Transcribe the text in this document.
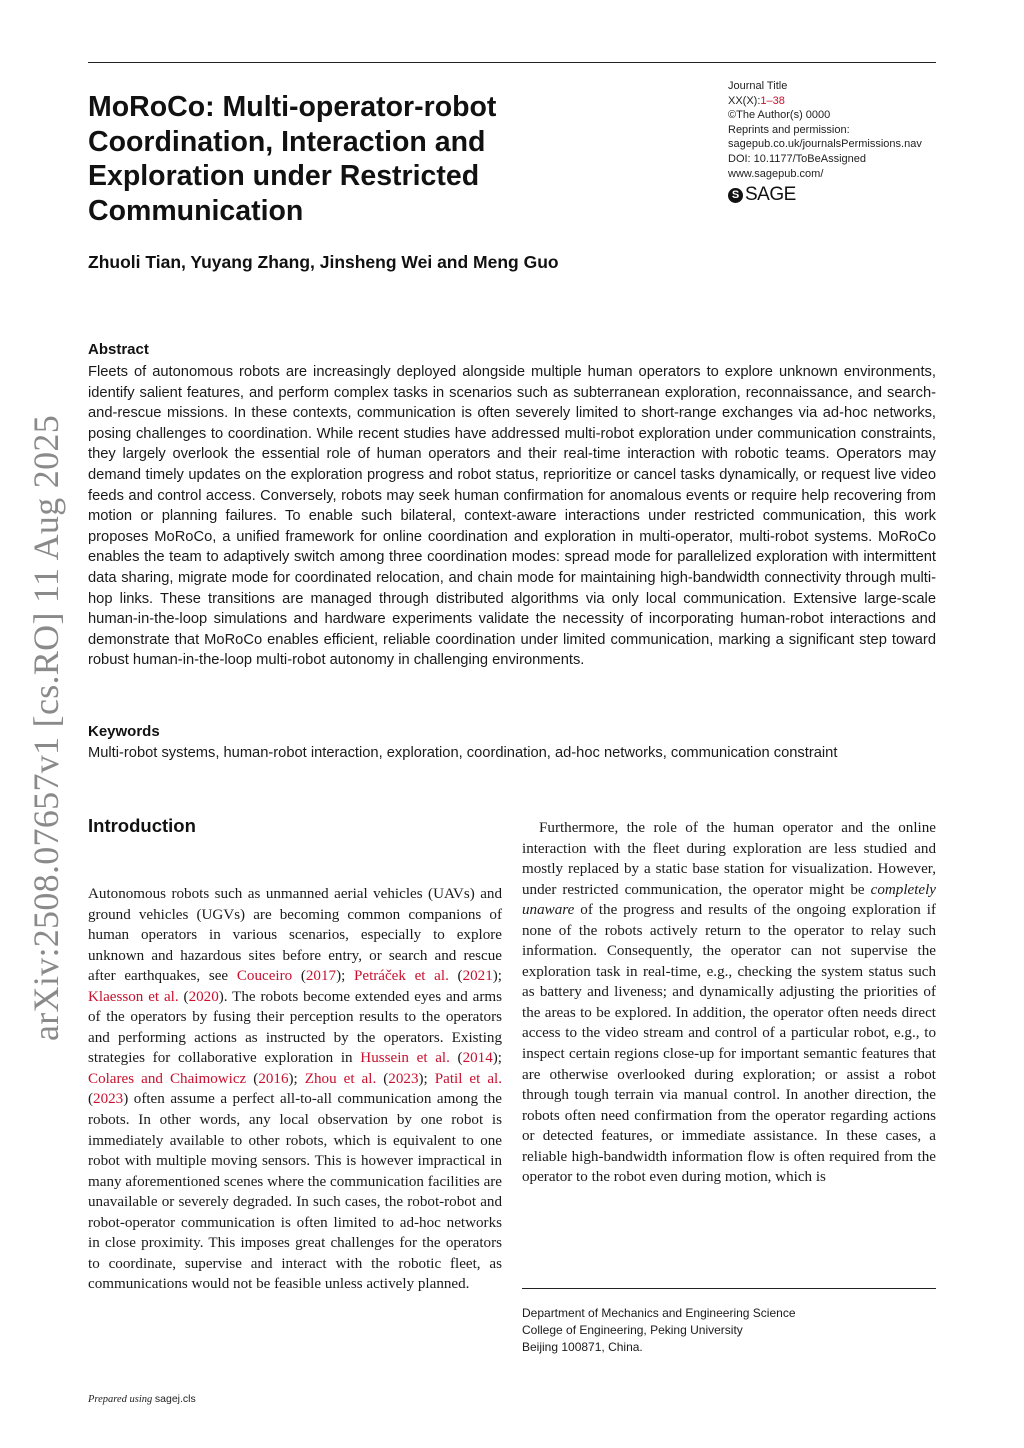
MoRoCo: Multi-operator-robot
Coordination, Interaction and
Exploration under Restricted
Communication
Journal Title
XX(X):1–38
©The Author(s) 0000
Reprints and permission:
sagepub.co.uk/journalsPermissions.nav
DOI: 10.1177/ToBeAssigned
www.sagepub.com/
S SAGE
Zhuoli Tian, Yuyang Zhang, Jinsheng Wei and Meng Guo
arXiv:2508.07657v1 [cs.RO] 11 Aug 2025
Abstract

Fleets of autonomous robots are increasingly deployed alongside multiple human operators to explore unknown environments, identify salient features, and perform complex tasks in scenarios such as subterranean exploration, reconnaissance, and search-and-rescue missions. In these contexts, communication is often severely limited to short-range exchanges via ad-hoc networks, posing challenges to coordination. While recent studies have addressed multi-robot exploration under communication constraints, they largely overlook the essential role of human operators and their real-time interaction with robotic teams. Operators may demand timely updates on the exploration progress and robot status, reprioritize or cancel tasks dynamically, or request live video feeds and control access. Conversely, robots may seek human confirmation for anomalous events or require help recovering from motion or planning failures. To enable such bilateral, context-aware interactions under restricted communication, this work proposes MoRoCo, a unified framework for online coordination and exploration in multi-operator, multi-robot systems. MoRoCo enables the team to adaptively switch among three coordination modes: spread mode for parallelized exploration with intermittent data sharing, migrate mode for coordinated relocation, and chain mode for maintaining high-bandwidth connectivity through multi-hop links. These transitions are managed through distributed algorithms via only local communication. Extensive large-scale human-in-the-loop simulations and hardware experiments validate the necessity of incorporating human-robot interactions and demonstrate that MoRoCo enables efficient, reliable coordination under limited communication, marking a significant step toward robust human-in-the-loop multi-robot autonomy in challenging environments.

Keywords
Multi-robot systems, human-robot interaction, exploration, coordination, ad-hoc networks, communication constraint
Introduction

Autonomous robots such as unmanned aerial vehicles (UAVs) and ground vehicles (UGVs) are becoming common companions of human operators in various scenarios, especially to explore unknown and hazardous sites before entry, or search and rescue after earthquakes, see Couceiro (2017); Petráček et al. (2021); Klaesson et al. (2020). The robots become extended eyes and arms of the operators by fusing their perception results to the operators and performing actions as instructed by the operators. Existing strategies for collaborative exploration in Hussein et al. (2014); Colares and Chaimowicz (2016); Zhou et al. (2023); Patil et al. (2023) often assume a perfect all-to-all communication among the robots. In other words, any local observation by one robot is immediately available to other robots, which is equivalent to one robot with multiple moving sensors. This is however impractical in many aforementioned scenes where the communication facilities are unavailable or severely degraded. In such cases, the robot-robot and robot-operator communication is often limited to ad-hoc networks in close proximity. This imposes great challenges for the operators to coordinate, supervise and interact with the robotic fleet, as communications would not be feasible unless actively planned.

Furthermore, the role of the human operator and the online interaction with the fleet during exploration are less studied and mostly replaced by a static base station for visualization. However, under restricted communication, the operator might be completely unaware of the progress and results of the ongoing exploration if none of the robots actively return to the operator to relay such information. Consequently, the operator can not supervise the exploration task in real-time, e.g., checking the system status such as battery and liveness; and dynamically adjusting the priorities of the areas to be explored. In addition, the operator often needs direct access to the video stream and control of a particular robot, e.g., to inspect certain regions close-up for important semantic features that are otherwise overlooked during exploration; or assist a robot through tough terrain via manual control. In another direction, the robots often need confirmation from the operator regarding actions or detected features, or immediate assistance. In these cases, a reliable high-bandwidth information flow is often required from the operator to the robot even during motion, which is

Department of Mechanics and Engineering Science
College of Engineering, Peking University
Beijing 100871, China.
Prepared using sagej.cls
